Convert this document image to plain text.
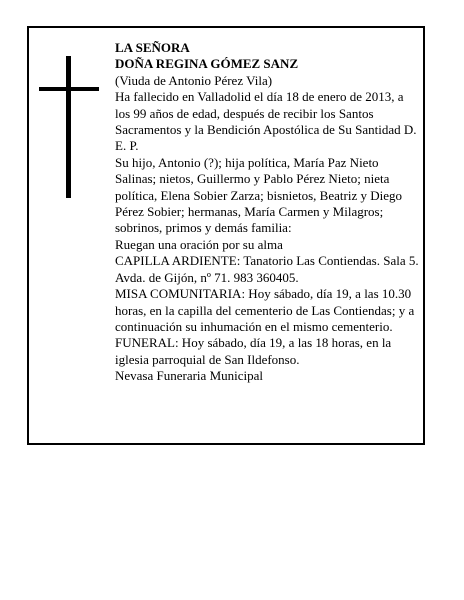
LA SEÑORA

DOÑA REGINA GÓMEZ SANZ

(Viuda de Antonio Pérez Vila)

Ha fallecido en Valladolid el día 18 de enero de 2013, a los 99 años de edad, después de recibir los Santos Sacramentos y la Bendición Apostólica de Su Santidad D. E. P.

Su hijo, Antonio (?); hija política, María Paz Nieto Salinas; nietos, Guillermo y Pablo Pérez Nieto; nieta política, Elena Sobier Zarza; bisnietos, Beatriz y Diego Pérez Sobier; hermanas, María Carmen y Milagros; sobrinos, primos y demás familia:

Ruegan una oración por su alma

CAPILLA ARDIENTE: Tanatorio Las Contiendas. Sala 5. Avda. de Gijón, nº 71. 983 360405.

MISA COMUNITARIA: Hoy sábado, día 19, a las 10.30 horas, en la capilla del cementerio de Las Contiendas; y a continuación su inhumación en el mismo cementerio. FUNERAL: Hoy sábado, día 19, a las 18 horas, en la iglesia parroquial de San Ildefonso.

Nevasa Funeraria Municipal
